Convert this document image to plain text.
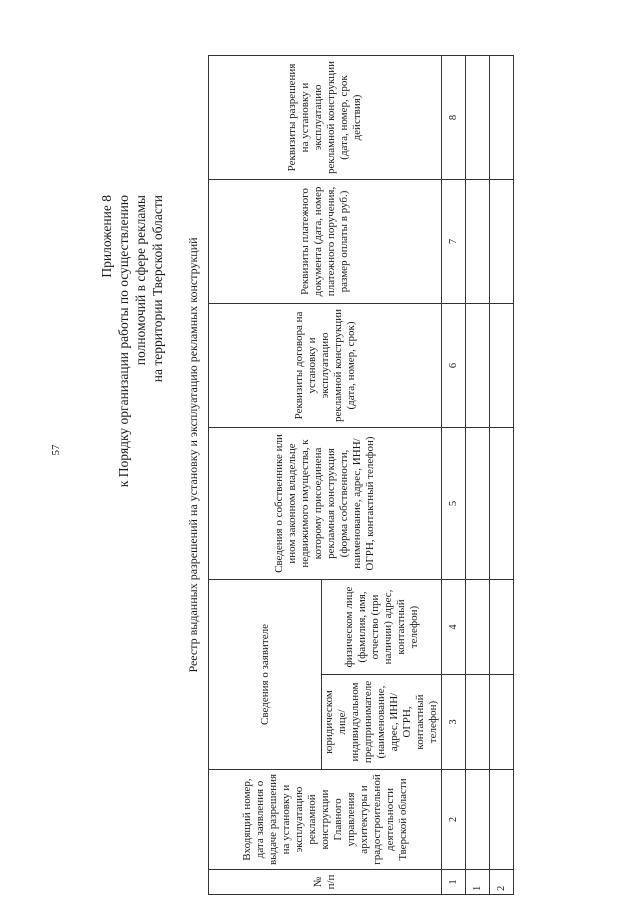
57
Приложение 8 к Порядку организации работы по осуществлению полномочий в сфере рекламы на территории Тверской области Реестр выданных разрешений на установку и эксплуатацию рекламных конструкций
№ п/п	Входящий номер, дата заявления о выдаче разрешения на установку и эксплуатацию рекламной конструкции Главного управления архитектуры и градостроительной деятельности Тверской области	Сведения о заявителе		Сведения о собственнике или ином законном владельце недвижимого имущества, к которому присоединена рекламная конструкция (форма собственности, наименование, адрес, ИНН/ОГРН, контактный телефон)	Реквизиты договора на установку и эксплуатацию рекламной конструкции (дата, номер, срок)	Реквизиты платежного документа (дата, номер платежного поручения, размер оплаты в руб.)	Реквизиты разрешения на установку и эксплуатацию рекламной конструкции (дата, номер, срок действия)
		юридическом лице/ индивидуальном предпринимателе (наименование, адрес, ИНН/ОГРН, контактный телефон)	физическом лице (фамилия, имя, отчество (при наличии) адрес, контактный телефон)				
1	2	3	4	5	6	7	8
1							
2							
